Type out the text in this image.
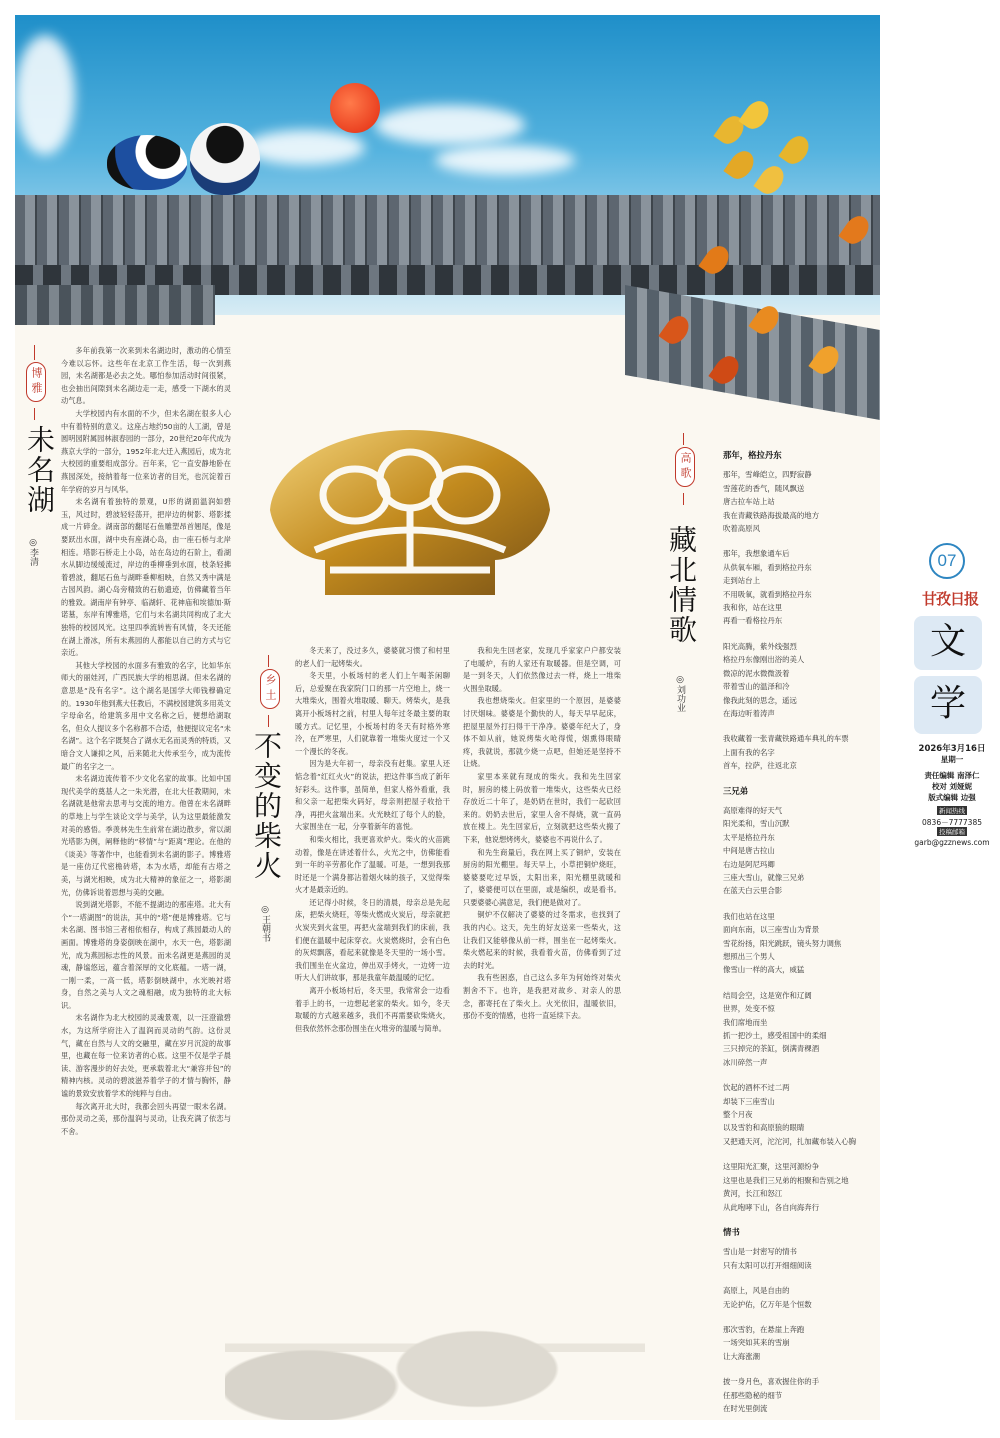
博雅
未名湖
◎李清

多年前我第一次来到未名湖边时，激动的心情至今难以忘怀。这些年在北京工作生活，每一次到燕园，未名湖都是必去之处。哪怕参加活动时间很紧，也会抽出间隙到未名湖边走一走，感受一下湖水的灵动气息。

大学校园内有水面的不少，但未名湖在很多人心中有着特别的意义。这座占地约50亩的人工湖，曾是圆明园附属园林淑春园的一部分，20世纪20年代成为燕京大学的一部分，1952年北大迁入燕园后，成为北大校园的重要组成部分。百年来，它一直安静地卧在燕园深处，接纳着每一位来访者的目光，也沉淀着百年学府的岁月与风华。

未名湖有着独特的景观，U形的湖面温润如碧玉，风过时，碧波轻轻荡开，把岸边的树影、塔影揉成一片碎金。湖南部的翻尾石鱼雕塑昂首翘尾，像是要跃出水面，湖中央有座湖心岛，由一座石桥与北岸相连。塔影石桥走上小岛，站在岛边的石阶上，看湖水从脚边缓缓流过，岸边的垂柳垂到水面，枝条轻拂着碧波，翻尾石鱼与湖畔垂柳相映，自然又秀中满是古园风韵。湖心岛旁精致的石舫遗迹，仿佛藏着当年的雅致。湖南岸有钟亭、临湖轩、花神庙和埃德加·斯诺墓，东岸有博雅塔，它们与未名湖共同构成了北大独特的校园风光。这里四季流转皆有风情，冬天还能在湖上滑冰，所有未燕园的人都能以自己的方式与它亲近。

其他大学校园的水面多有雅致的名字，比如华东师大的丽娃河，广西民族大学的相思湖。但未名湖的意思是“没有名字”。这个湖名是国学大师钱穆确定的。1930年他到燕大任教后，不满校园建筑多用英文字母命名，给建筑多用中文名称之后，便想给湖取名，但众人提议多个名称都不合适，他便提议定名“未名湖”。这个名字既契合了湖水无名而灵秀的特质，又暗合文人谦抑之风，后来随北大传承至今，成为流传最广的名字之一。

未名湖边流传着不少文化名家的故事。比如中国现代美学的奠基人之一朱光潜，在北大任教期间，未名湖就是他常去思考与交流的地方。他曾在未名湖畔的草地上与学生谈论文学与美学，认为这里最能激发对美的感悟。季羡林先生生前常在湖边散步，常以湖光塔影为例，阐释他的“移情”与“距离”理论。在他的《谈美》等著作中，也能看到未名湖的影子。博雅塔是一座仿辽代密檐砖塔，本为水塔，却能有古塔之美，与湖光相映，成为北大精神的象征之一，塔影湖光，仿佛诉说着思想与美的交融。

说到湖光塔影，不能不提湖边的那座塔。北大有个“一塔湖图”的说法，其中的“塔”便是博雅塔。它与未名湖、图书馆三者相依相存，构成了燕园最动人的画面。博雅塔的身姿倒映在湖中，水天一色，塔影湖光，成为燕园标志性的风景。而未名湖更是燕园的灵魂，静谧悠远，蕴含着深厚的文化底蕴。一塔一湖，一刚一柔，一高一低，塔影倒映湖中，水光映衬塔身，自然之美与人文之魂相融，成为独特的北大标识。

未名湖作为北大校园的灵魂景观，以一汪澄澈碧水，为这所学府注入了温润而灵动的气韵。这份灵气，藏在自然与人文的交融里，藏在岁月沉淀的故事里，也藏在每一位来访者的心底。这里不仅是学子晨读、游客漫步的好去处，更承载着北大“兼容并包”的精神内核。灵动的碧波滋养着学子的才情与胸怀，静谧的景致安放着学术的纯粹与自由。

每次离开北大时，我都会回头再望一眼未名湖。那份灵动之美，那份温润与灵动，让我充满了依恋与不舍。

乡土
不变的柴火
◎王朝书

冬天来了，没过多久，婆婆就习惯了和村里的老人们一起烤柴火。

冬天里，小板场村的老人们上午喝茶闲聊后，总爱聚在我家院门口的那一片空地上，烧一大堆柴火，围着火堆取暖、聊天。烤柴火，是我离开小板场村之前，村里人每年过冬最主要的取暖方式。记忆里，小板场村的冬天有时格外寒冷，在严寒里，人们就靠着一堆柴火度过一个又一个漫长的冬夜。

因为是大年初一，母亲没有赶集。家里人还惦念着“红红火火”的说法，把这件事当成了新年好彩头。这件事，虽简单，但家人格外看重，我和父亲一起把柴火码好，母亲则把屋子收拾干净，再把火盆端出来。火光映红了每个人的脸，大家围坐在一起，分享着新年的喜悦。

和柴火相比，我更喜欢炉火。柴火的火苗跳动着，像是在讲述着什么，火光之中，仿佛能看到一年的辛劳都化作了温暖。可是，一想到我那时还是一个满身都沾着烟火味的孩子，又觉得柴火才是最亲近的。

还记得小时候，冬日的清晨，母亲总是先起床，把柴火烧旺，等柴火燃成火炭后，母亲就把火炭夹到火盆里，再把火盆端到我们的床前，我们便在温暖中起床穿衣。火炭燃烧时，会有白色的灰烬飘落，看起来就像是冬天里的一场小雪。我们围坐在火盆边，伸出双手烤火，一边烤一边听大人们讲故事，那是我童年最温暖的记忆。

离开小板场村后，冬天里，我常常会一边看着手上的书，一边想起老家的柴火。如今，冬天取暖的方式越来越多，我们不再需要砍柴烧火，但我依然怀念那份围坐在火堆旁的温暖与简单。

我和先生回老家，发现几乎家家户户都安装了电暖炉，有的人家还有取暖器。但是空调，可是一到冬天，人们依然像过去一样，烧上一堆柴火围坐取暖。

我也想烧柴火。但家里的一个原因，是婆婆讨厌烟味。婆婆是个勤快的人，每天早早起床，把屋里屋外打扫得干干净净。婆婆年纪大了，身体不如从前，她说烤柴火呛得慌，烟熏得眼睛疼，我就说，那就少烧一点吧，但她还是坚持不让烧。

家里本来就有现成的柴火。我和先生回家时，厨房的楼上码放着一堆柴火，这些柴火已经存放近二十年了，是奶奶在世时，我们一起砍回来的。奶奶去世后，家里人舍不得烧，就一直码放在楼上。先生回家后，立刻就把这些柴火搬了下来，他说想烤烤火，婆婆也不再说什么了。

和先生商量后，我在网上买了铜炉，安装在厨房的阳光棚里。每天早上，小草把铜炉烧旺，婆婆要吃过早饭，太阳出来，阳光棚里就暖和了，婆婆便可以在里面，或是编织，或是看书。只要婆婆心满意足，我们便是做对了。

铜炉不仅解决了婆婆的过冬需求，也找到了我的内心。这天，先生的好友送来一些柴火，这让我们又能够像从前一样，围坐在一起烤柴火。柴火燃起来的时候，我看着火苗，仿佛看到了过去的时光。

我有些困惑，自己这么多年为何始终对柴火割舍不下。也许，是我把对故乡、对亲人的思念，都寄托在了柴火上。火光依旧，温暖依旧，那份不变的情感，也将一直延续下去。

高歌
藏北情歌
◎刘功业
那年，格拉丹东
那年，雪峰皑立，四野寂静
雪莲花的香气，随风飘送
唐古拉车站上站
我在青藏铁路海拔最高的地方
吹着高原风
那年，我想象通车后
从供氧车厢，看到格拉丹东
走到站台上
不用吸氧，就看到格拉丹东
我和你，站在这里
再看一看格拉丹东
阳光高腾，紫外线强烈
格拉丹东像刚出浴的美人
微凉的泥水微微汲着
带着雪山的温泽和冷
像我此刻的思念，遥远
在海边听着涛声
我收藏着一张青藏铁路通车典礼的车票
上面有我的名字
首车，拉萨，往返北京
三兄弟
高原难得的好天气
阳光柔和，雪山沉默
太平是格拉丹东
中间是唐古拉山
右边是阿尼玛卿
三座大雪山，就像三兄弟
在蓝天白云里合影
我们也站在这里
面向东南，以三座雪山为背景
雪花纷扬，阳光跳跃，镜头努力调焦
想照出三个男人
像雪山一样的高大，威猛
结局会空，这是宽作和辽阔
世界，处变不惊
我们席地而坐
抓一把沙土，感受祖国中的柔细
三只掉完的茶缸，倒满青稞酒
冰川碎然一声
饮起的酒杯不过二两
却装下三座雪山
整个月夜
以及雪豹和高原狼的眼睛
又把通天河，沱沱河，扎加藏布装入心胸
这里阳光汇聚，这里河源纷争
这里也是我们三兄弟的相聚和告别之地
黄河，长江和怒江
从此咆哮下山，各自向海奔行
情书
雪山是一封密写的情书
只有太阳可以打开细细阅读
高原上，风是自由的
无论护佑，亿万年是个恒数
那次雪豹，在悬崖上奔跑
一场突如其来的雪崩
让大海涨潮
披一身月色，喜欢握住你的手
任那些隐秘的细节
在时光里倒流
07
甘孜日报
文
学
2026年3月16日
星期一
责任编辑 南泽仁
校对 刘娅妮
版式编辑 边强
新闻热线
0836－7777385
投稿邮箱
garb@gzznews.com
